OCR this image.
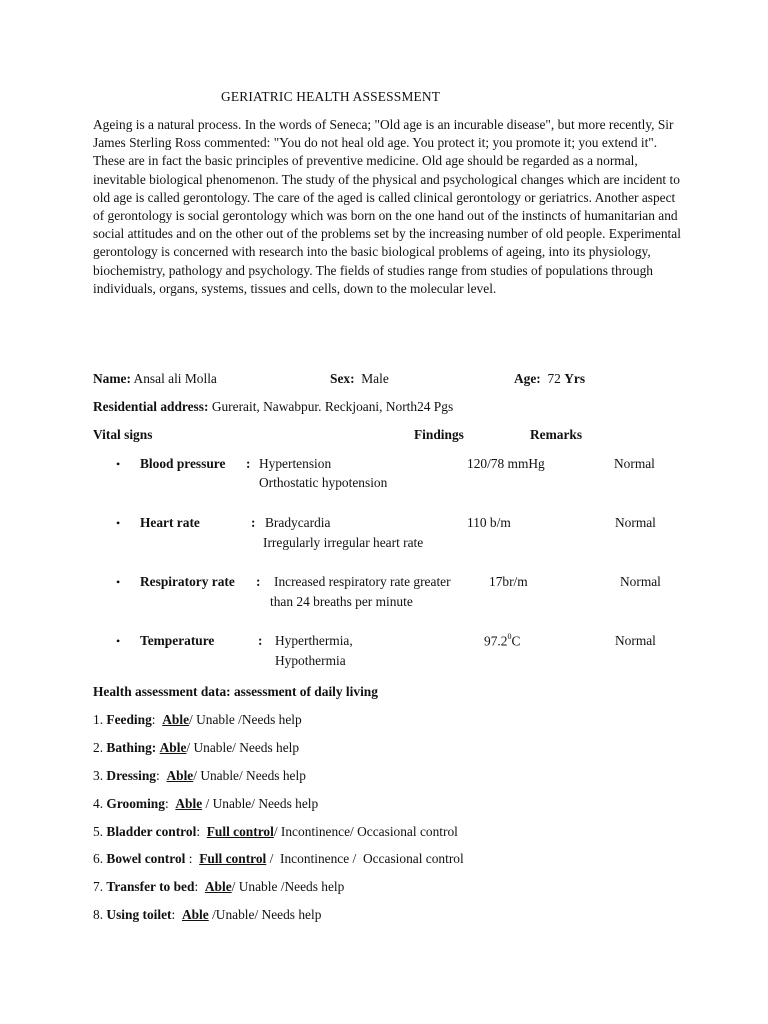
GERIATRIC HEALTH ASSESSMENT
Ageing is a natural process. In the words of Seneca; "Old age is an incurable disease", but more recently, Sir James Sterling Ross commented: "You do not heal old age. You protect it; you promote it; you extend it". These are in fact the basic principles of preventive medicine. Old age should be regarded as a normal, inevitable biological phenomenon. The study of the physical and psychological changes which are incident to old age is called gerontology. The care of the aged is called clinical gerontology or geriatrics. Another aspect of gerontology is social gerontology which was born on the one hand out of the instincts of humanitarian and social attitudes and on the other out of the problems set by the increasing number of old people. Experimental gerontology is concerned with research into the basic biological problems of ageing, into its physiology, biochemistry, pathology and psychology. The fields of studies range from studies of populations through individuals, organs, systems, tissues and cells, down to the molecular level.
Name: Ansal ali Molla	Sex: Male	Age: 72 Yrs
Residential address: Gurerait, Nawabpur. Reckjoani, North24 Pgs
Vital signs	Findings	Remarks
• Blood pressure : Hypertension
Orthostatic hypotension
120/78 mmHg	Normal
• Heart rate	: Bradycardia
Irregularly irregular heart rate
110 b/m	Normal
• Respiratory rate : Increased respiratory rate greater
than 24 breaths per minute
17br/m	Normal
• Temperature	: Hyperthermia,
Hypothermia
97.2$^0$C	Normal
Health assessment data: assessment of daily living
1. Feeding: Able/ Unable /Needs help
2. Bathing: Able/ Unable/ Needs help
3. Dressing: Able/ Unable/ Needs help
4. Grooming: Able / Unable/ Needs help
5. Bladder control: Full control/ Incontinence/ Occasional control
6. Bowel control : Full control /  Incontinence /  Occasional control
7. Transfer to bed: Able/ Unable /Needs help
8. Using toilet: Able /Unable/ Needs help
